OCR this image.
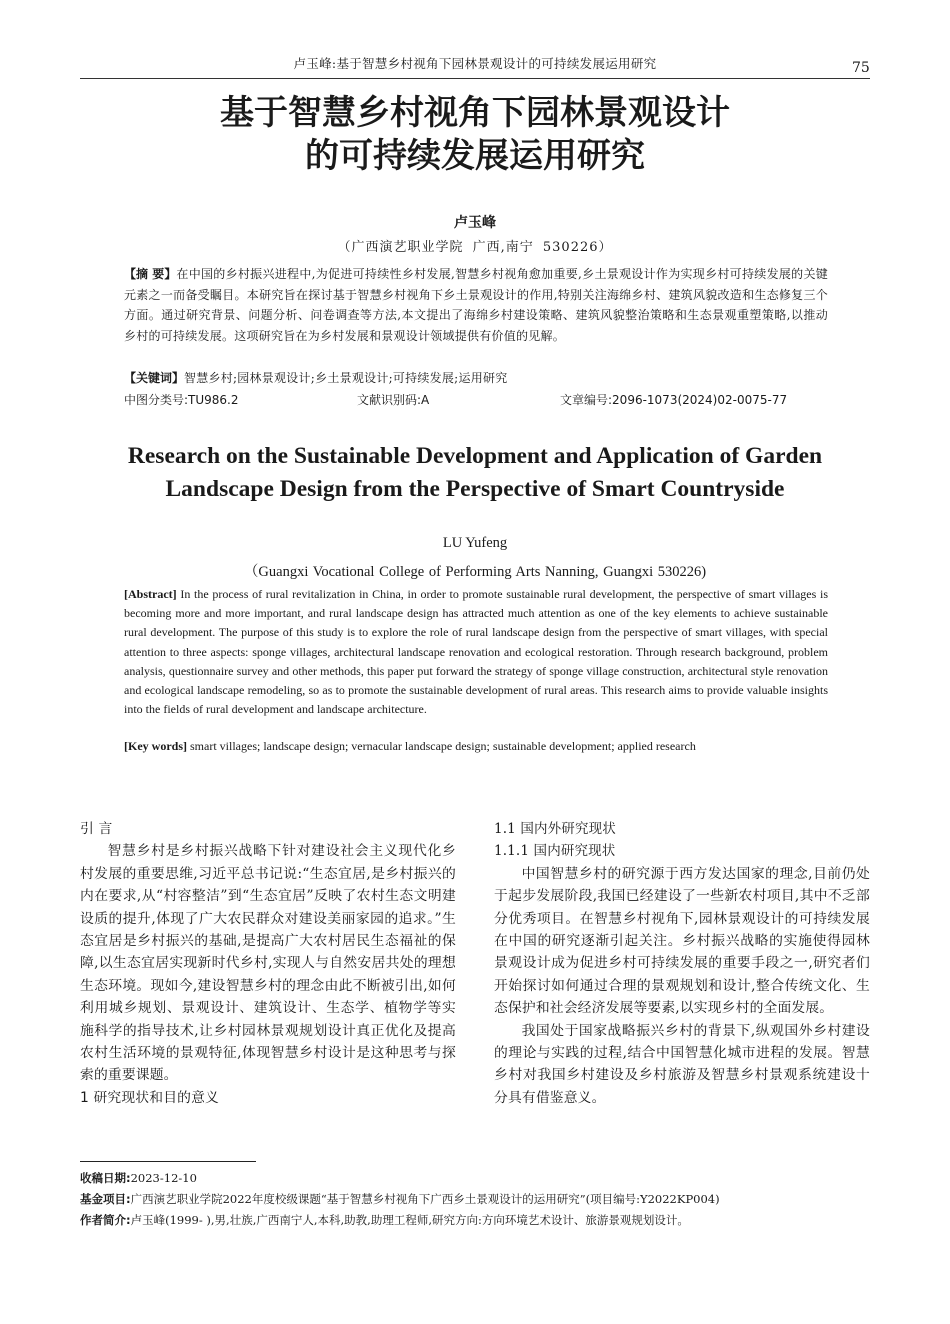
卢玉峰:基于智慧乡村视角下园林景观设计的可持续发展运用研究	75
基于智慧乡村视角下园林景观设计
的可持续发展运用研究
卢玉峰
（广西演艺职业学院 广西,南宁 530226）
【摘 要】在中国的乡村振兴进程中,为促进可持续性乡村发展,智慧乡村视角愈加重要,乡土景观设计作为实现乡村可持续发展的关键元素之一而备受瞩目。本研究旨在探讨基于智慧乡村视角下乡土景观设计的作用,特别关注海绵乡村、建筑风貌改造和生态修复三个方面。通过研究背景、问题分析、问卷调查等方法,本文提出了海绵乡村建设策略、建筑风貌整治策略和生态景观重塑策略,以推动乡村的可持续发展。这项研究旨在为乡村发展和景观设计领域提供有价值的见解。
【关键词】智慧乡村;园林景观设计;乡土景观设计;可持续发展;运用研究
中图分类号:TU986.2	文献识别码:A	文章编号:2096-1073(2024)02-0075-77
Research on the Sustainable Development and Application of Garden
Landscape Design from the Perspective of Smart Countryside
LU Yufeng
（Guangxi Vocational College of Performing Arts Nanning, Guangxi 530226)
[Abstract] In the process of rural revitalization in China, in order to promote sustainable rural development, the perspective of smart villages is becoming more and more important, and rural landscape design has attracted much attention as one of the key elements to achieve sustainable rural development. The purpose of this study is to explore the role of rural landscape design from the perspective of smart villages, with special attention to three aspects: sponge villages, architectural landscape renovation and ecological restoration. Through research background, problem analysis, questionnaire survey and other methods, this paper put forward the strategy of sponge village construction, architectural style renovation and ecological landscape remodeling, so as to promote the sustainable development of rural areas. This research aims to provide valuable insights into the fields of rural development and landscape architecture.
[Key words] smart villages; landscape design; vernacular landscape design; sustainable development; applied research
引 言

智慧乡村是乡村振兴战略下针对建设社会主义现代化乡村发展的重要思维,习近平总书记说:“生态宜居,是乡村振兴的内在要求,从“村容整洁”到“生态宜居”反映了农村生态文明建设质的提升,体现了广大农民群众对建设美丽家园的追求。”生态宜居是乡村振兴的基础,是提高广大农村居民生态福祉的保障,以生态宜居实现新时代乡村,实现人与自然安居共处的理想生态环境。现如今,建设智慧乡村的理念由此不断被引出,如何利用城乡规划、景观设计、建筑设计、生态学、植物学等实施科学的指导技术,让乡村园林景观规划设计真正优化及提高农村生活环境的景观特征,体现智慧乡村设计是这种思考与探索的重要课题。

1 研究现状和目的意义
1.1 国内外研究现状
1.1.1 国内研究现状

中国智慧乡村的研究源于西方发达国家的理念,目前仍处于起步发展阶段,我国已经建设了一些新农村项目,其中不乏部分优秀项目。在智慧乡村视角下,园林景观设计的可持续发展在中国的研究逐渐引起关注。乡村振兴战略的实施使得园林景观设计成为促进乡村可持续发展的重要手段之一,研究者们开始探讨如何通过合理的景观规划和设计,整合传统文化、生态保护和社会经济发展等要素,以实现乡村的全面发展。

我国处于国家战略振兴乡村的背景下,纵观国外乡村建设的理论与实践的过程,结合中国智慧化城市进程的发展。智慧乡村对我国乡村建设及乡村旅游及智慧乡村景观系统建设十分具有借鉴意义。

收稿日期:2023-12-10
基金项目:广西演艺职业学院2022年度校级课题“基于智慧乡村视角下广西乡土景观设计的运用研究”(项目编号:Y2022KP004)
作者简介:卢玉峰(1999- ),男,壮族,广西南宁人,本科,助教,助理工程师,研究方向:方向环境艺术设计、旅游景观规划设计。
